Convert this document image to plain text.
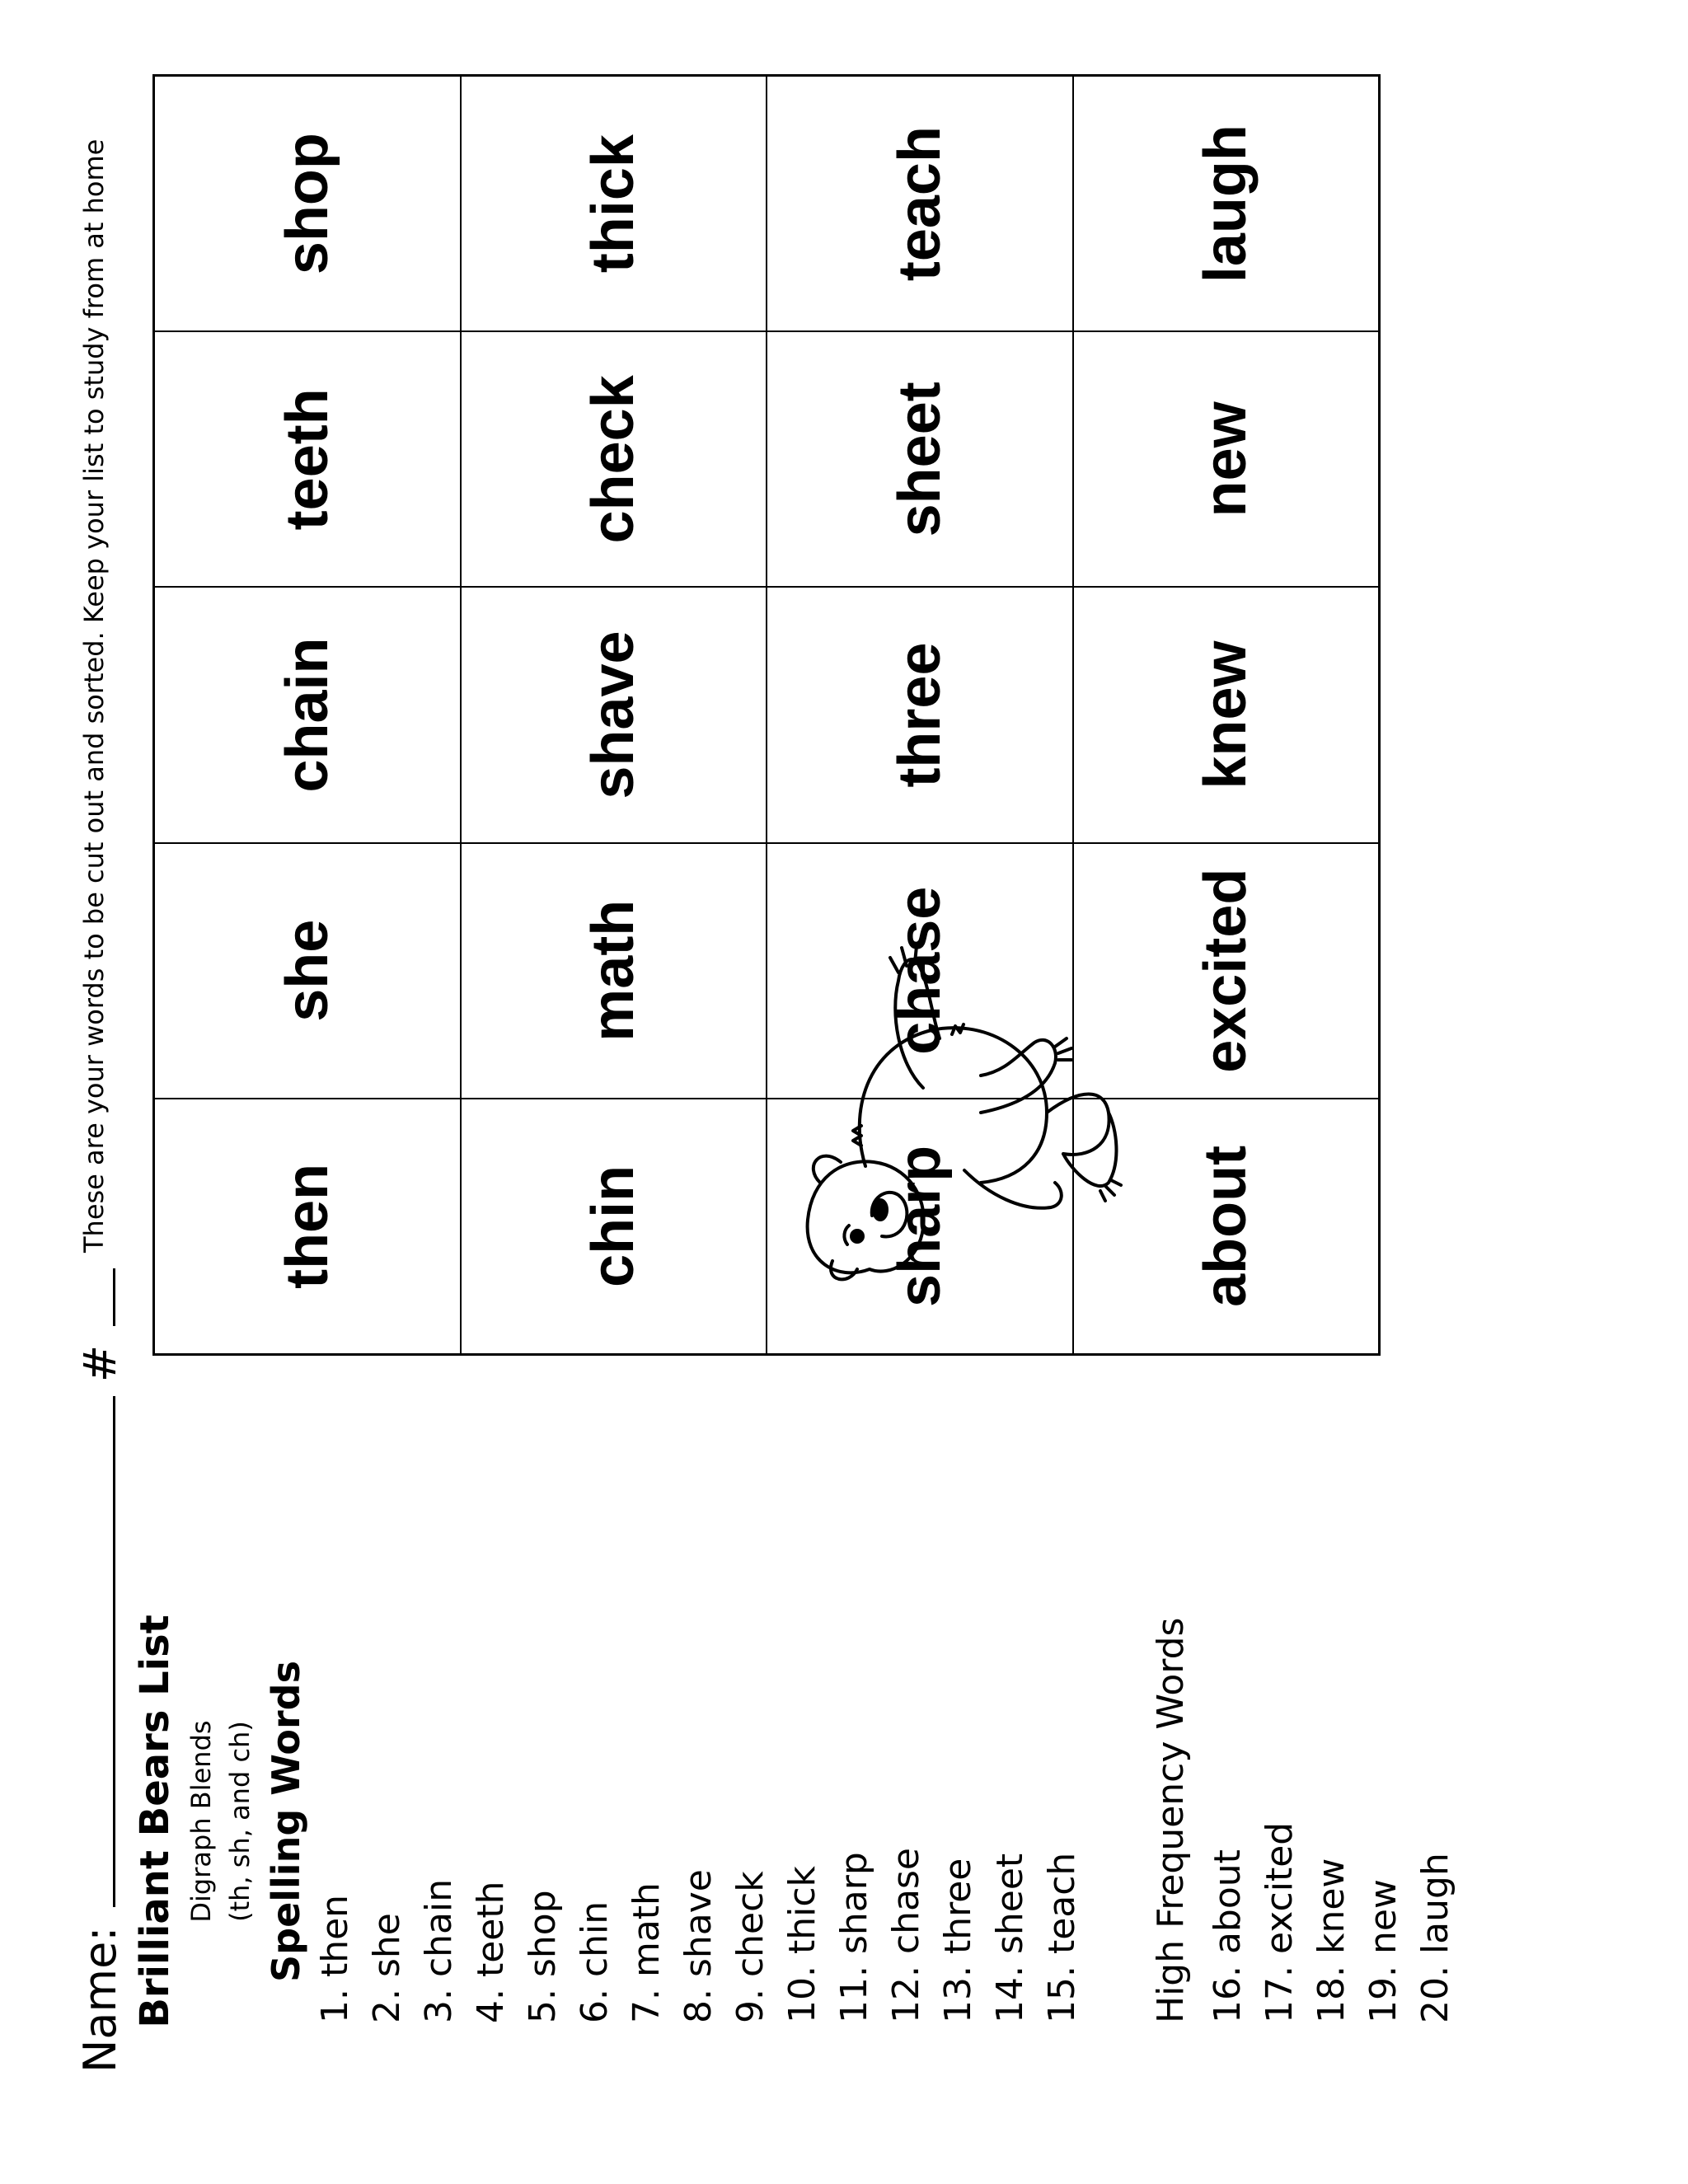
Name:  #
Brilliant Bears List Digraph Blends (th, sh, and ch) Spelling Words 1. then 2. she 3. chain 4. teeth 5. shop 6. chin 7. math 8. shave 9. check 10. thick 11. sharp 12. chase 13. three 14. sheet 15. teach High Frequency Words 16. about 17. excited 18. knew 19. new 20. laugh
These are your words to be cut out and sorted. Keep your list to study from at home	then
she
chain
teeth
shop
chin
math
shave
check
thick
sharp
chase
three
sheet
teach
about
excited
knew
new
laugh
